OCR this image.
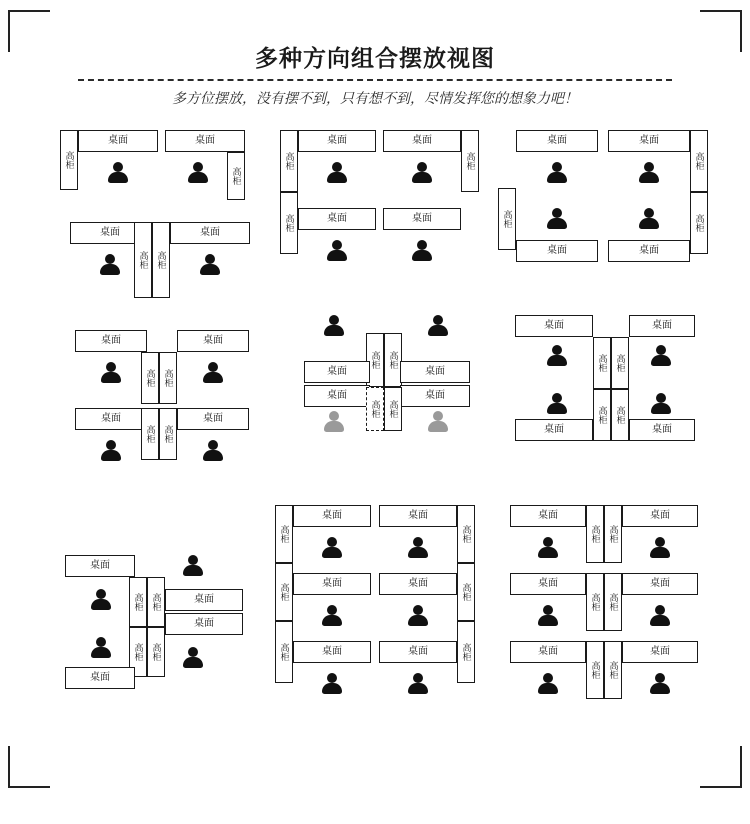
多种方向组合摆放视图
多方位摆放，没有摆不到，只有想不到，尽情发挥您的想象力吧！
高柜
桌面	桌面
高柜
桌面
高柜 高柜
桌面
高柜
桌面	桌面
高柜
高柜	桌面	桌面	高柜
桌面	桌面
高柜
桌面	桌面
高柜
桌面
高柜 高柜
桌面
桌面
高柜 高柜
桌面
高柜 高柜
桌面	桌面
桌面	桌面
高柜 高柜
桌面
高柜 高柜
桌面
高柜 高柜
桌面	桌面
桌面
高柜 高柜	桌面
桌面
高柜 高柜
桌面
高柜
桌面	桌面
高柜
高柜	桌面	桌面	高柜
高柜	桌面	桌面	高柜
桌面
高柜 高柜
桌面
桌面
高柜 高柜
桌面
桌面
高柜 高柜
桌面
